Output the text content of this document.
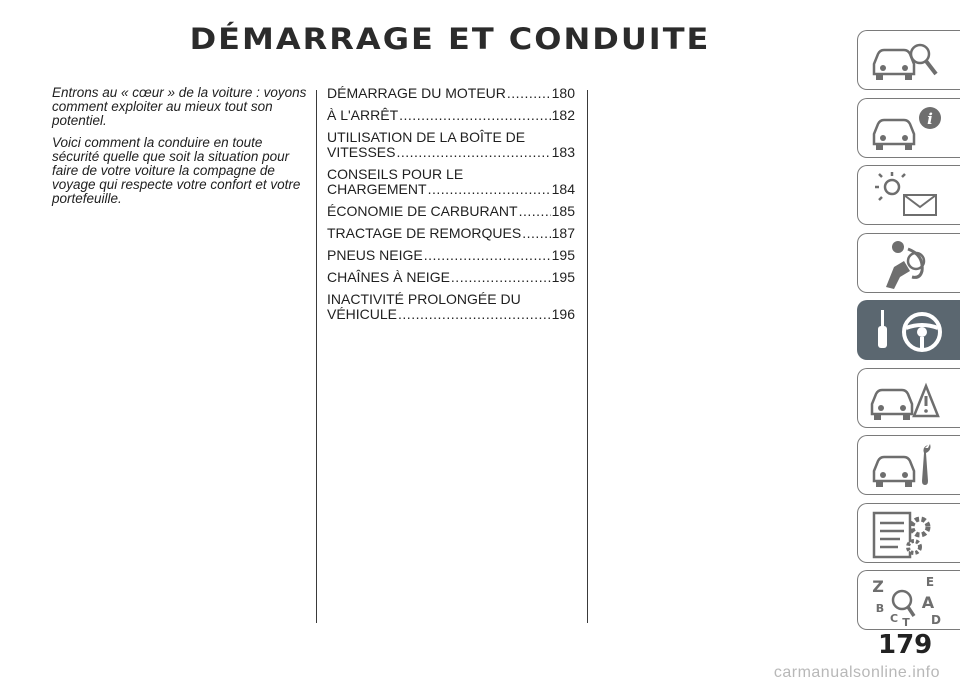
DÉMARRAGE ET CONDUITE

Entrons au « cœur » de la voiture : voyons comment exploiter au mieux tout son potentiel.

Voici comment la conduire en toute sécurité quelle que soit la situation pour faire de votre voiture la compagne de voyage qui respecte votre confort et votre portefeuille.

DÉMARRAGE DU MOTEUR .....	180
À L'ARRÊT .....	182
UTILISATION DE LA BOÎTE DE
VITESSES .....	183
CONSEILS POUR LE
CHARGEMENT .....	184
ÉCONOMIE DE CARBURANT ..... 185
TRACTAGE DE REMORQUES ..... 187
PNEUS NEIGE .....	195
CHAÎNES À NEIGE .....	195
INACTIVITÉ PROLONGÉE DU
VÉHICULE .....	196
i
Z	E
A
B
C T D
179
carmanualsonline.info
